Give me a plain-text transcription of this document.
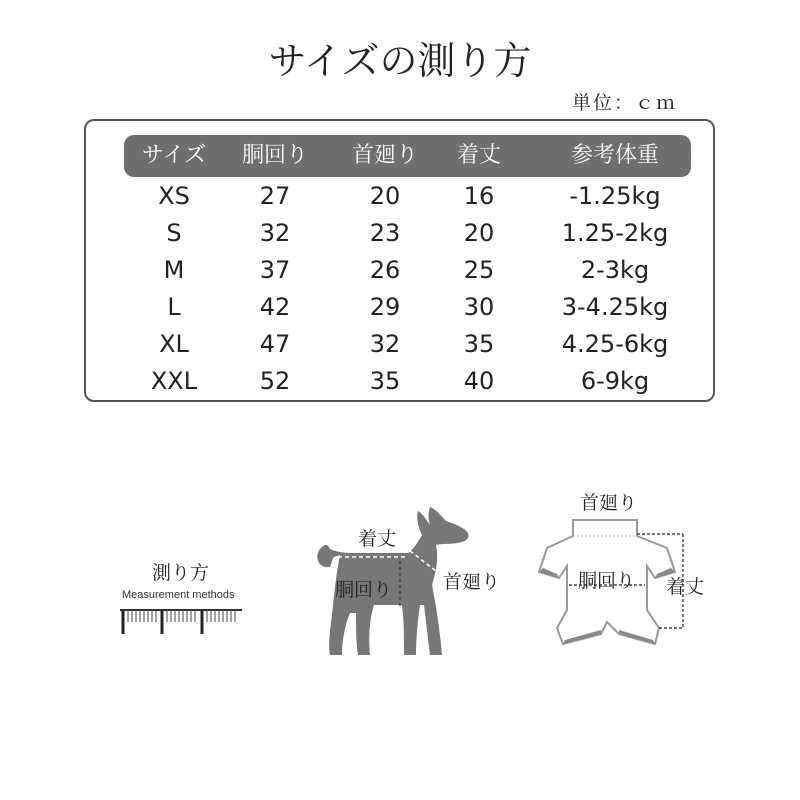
サイズの測り方
単位：ｃｍ
サイズ	胴回り	首廻り	着丈	参考体重
XS	27	20	16	-1.25kg
S	32	23	20	1.25-2kg
M	37	26	25	2-3kg
L	42	29	30	3-4.25kg
XL	47	32	35	4.25-6kg
XXL	52	35	40	6-9kg
測り方
Measurement methods
着丈
胴回り	首廻り
首廻り
胴回り 着丈
